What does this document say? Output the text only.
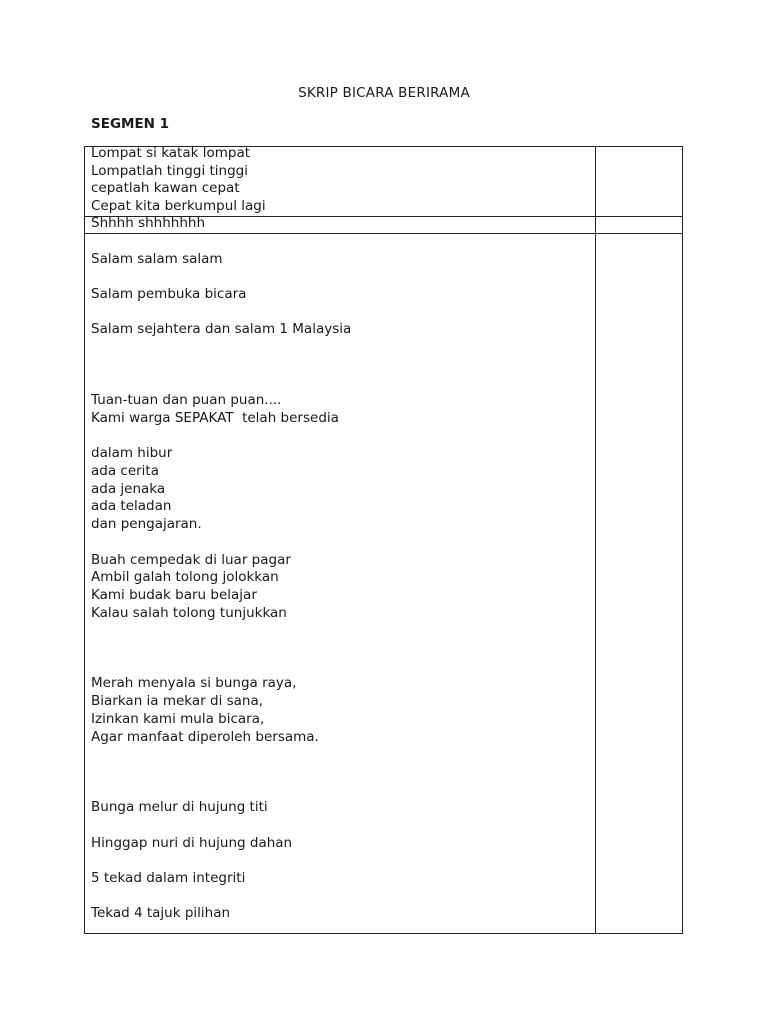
SKRIP BICARA BERIRAMA
SEGMEN 1
Lompat si katak lompat
Lompatlah tinggi tinggi
cepatlah kawan cepat
Cepat kita berkumpul lagi
Shhhh shhhhhhh
Salam salam salam
Salam pembuka bicara
Salam sejahtera dan salam 1 Malaysia
Tuan-tuan dan puan puan....
Kami warga SEPAKAT  telah bersedia
dalam hibur
ada cerita
ada jenaka
ada teladan
dan pengajaran.
Buah cempedak di luar pagar
Ambil galah tolong jolokkan
Kami budak baru belajar
Kalau salah tolong tunjukkan
Merah menyala si bunga raya,
Biarkan ia mekar di sana,
Izinkan kami mula bicara,
Agar manfaat diperoleh bersama.
Bunga melur di hujung titi
Hinggap nuri di hujung dahan
5 tekad dalam integriti
Tekad 4 tajuk pilihan
